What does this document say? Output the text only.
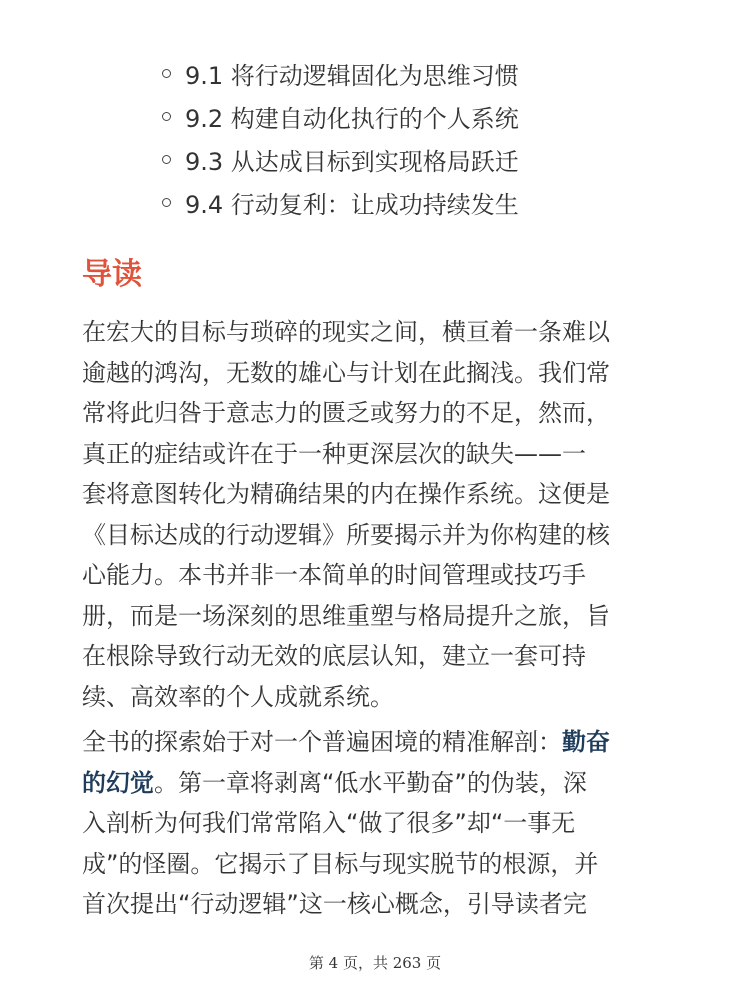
9.1 将行动逻辑固化为思维习惯
9.2 构建自动化执行的个人系统
9.3 从达成目标到实现格局跃迁
9.4 行动复利：让成功持续发生
导读

在宏大的目标与琐碎的现实之间，横亘着一条难以
逾越的鸿沟，无数的雄心与计划在此搁浅。我们常
常将此归咎于意志力的匮乏或努力的不足，然而，
真正的症结或许在于一种更深层次的缺失——一
套将意图转化为精确结果的内在操作系统。这便是
《目标达成的行动逻辑》所要揭示并为你构建的核
心能力。本书并非一本简单的时间管理或技巧手
册，而是一场深刻的思维重塑与格局提升之旅，旨
在根除导致行动无效的底层认知，建立一套可持
续、高效率的个人成就系统。

全书的探索始于对一个普遍困境的精准解剖：勤奋
的幻觉。第一章将剥离“低水平勤奋”的伪装，深
入剖析为何我们常常陷入“做了很多”却“一事无
成”的怪圈。它揭示了目标与现实脱节的根源，并
首次提出“行动逻辑”这一核心概念，引导读者完

第 4 页，共 263 页
